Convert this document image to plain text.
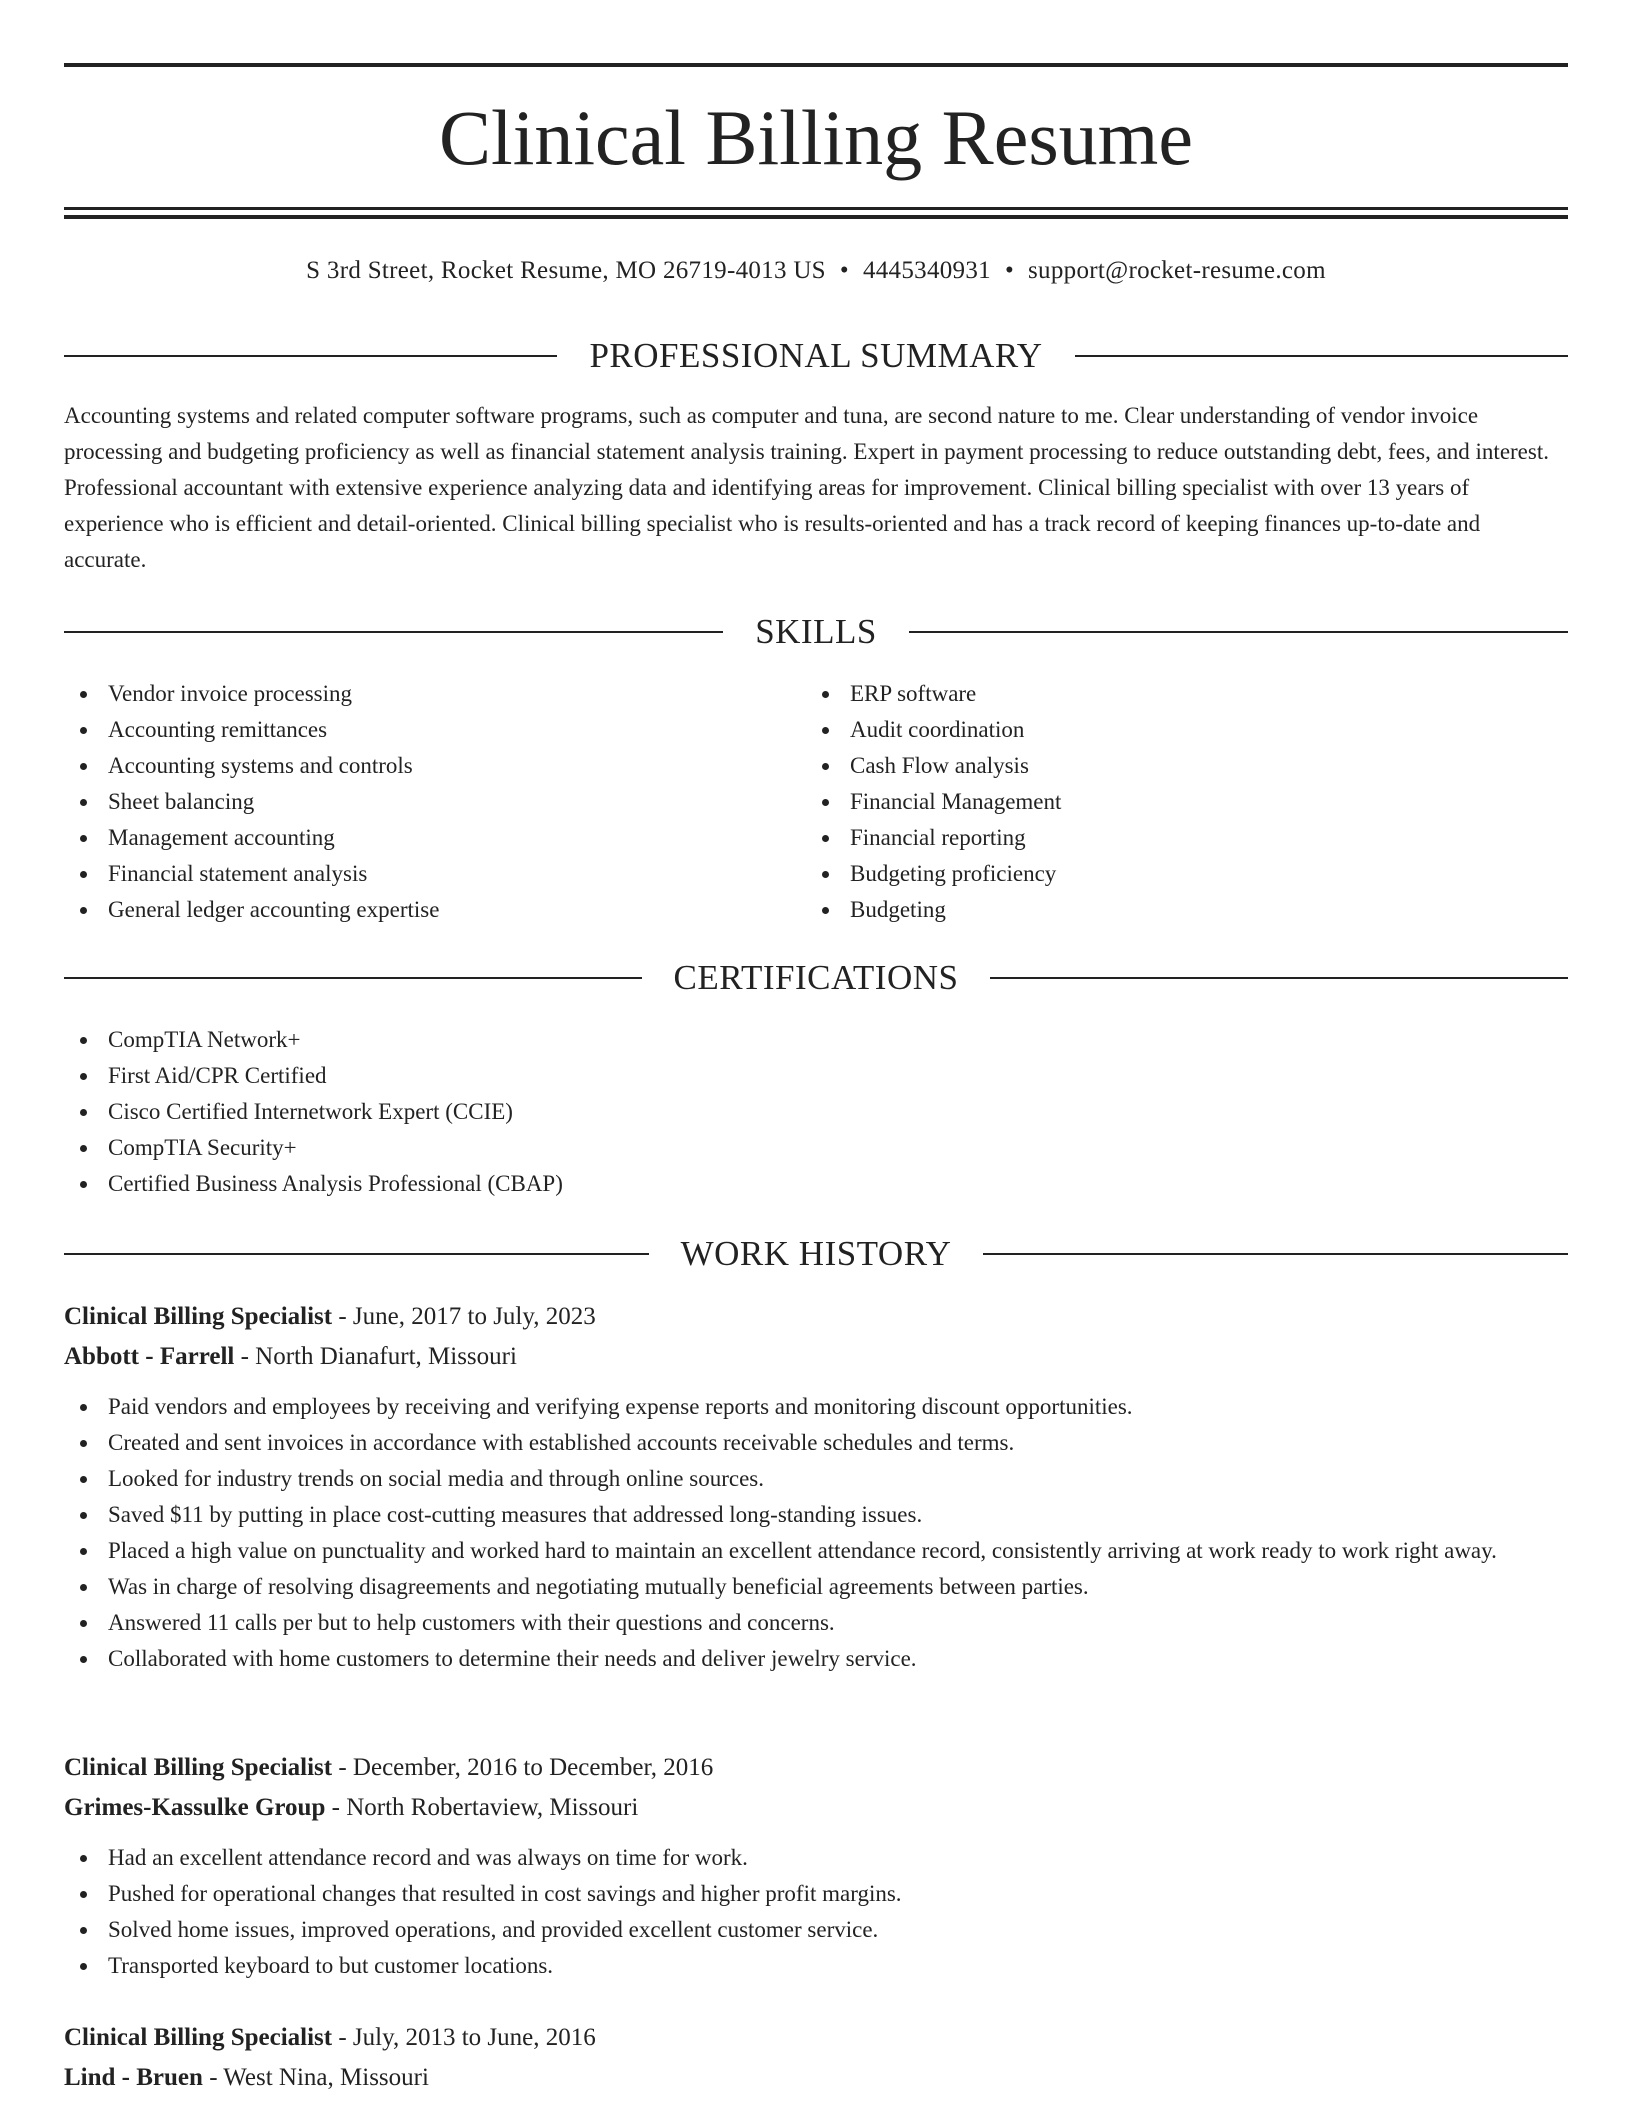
Clinical Billing Resume
S 3rd Street, Rocket Resume, MO 26719-4013 US • 4445340931 • support@rocket-resume.com
PROFESSIONAL SUMMARY

Accounting systems and related computer software programs, such as computer and tuna, are second nature to me. Clear understanding of vendor invoice processing and budgeting proficiency as well as financial statement analysis training. Expert in payment processing to reduce outstanding debt, fees, and interest. Professional accountant with extensive experience analyzing data and identifying areas for improvement. Clinical billing specialist with over 13 years of experience who is efficient and detail-oriented. Clinical billing specialist who is results-oriented and has a track record of keeping finances up-to-date and accurate.

SKILLS
Vendor invoice processing
Accounting remittances
Accounting systems and controls
Sheet balancing
Management accounting
Financial statement analysis
General ledger accounting expertise
ERP software
Audit coordination
Cash Flow analysis
Financial Management
Financial reporting
Budgeting proficiency
Budgeting
CERTIFICATIONS
CompTIA Network+
First Aid/CPR Certified
Cisco Certified Internetwork Expert (CCIE)
CompTIA Security+
Certified Business Analysis Professional (CBAP)
WORK HISTORY
Clinical Billing Specialist - June, 2017 to July, 2023
Abbott - Farrell - North Dianafurt, Missouri
Paid vendors and employees by receiving and verifying expense reports and monitoring discount opportunities.
Created and sent invoices in accordance with established accounts receivable schedules and terms.
Looked for industry trends on social media and through online sources.
Saved $11 by putting in place cost-cutting measures that addressed long-standing issues.
Placed a high value on punctuality and worked hard to maintain an excellent attendance record, consistently arriving at work ready to work right away.
Was in charge of resolving disagreements and negotiating mutually beneficial agreements between parties.
Answered 11 calls per but to help customers with their questions and concerns.
Collaborated with home customers to determine their needs and deliver jewelry service.
Clinical Billing Specialist - December, 2016 to December, 2016
Grimes-Kassulke Group - North Robertaview, Missouri
Had an excellent attendance record and was always on time for work.
Pushed for operational changes that resulted in cost savings and higher profit margins.
Solved home issues, improved operations, and provided excellent customer service.
Transported keyboard to but customer locations.
Clinical Billing Specialist - July, 2013 to June, 2016
Lind - Bruen - West Nina, Missouri
